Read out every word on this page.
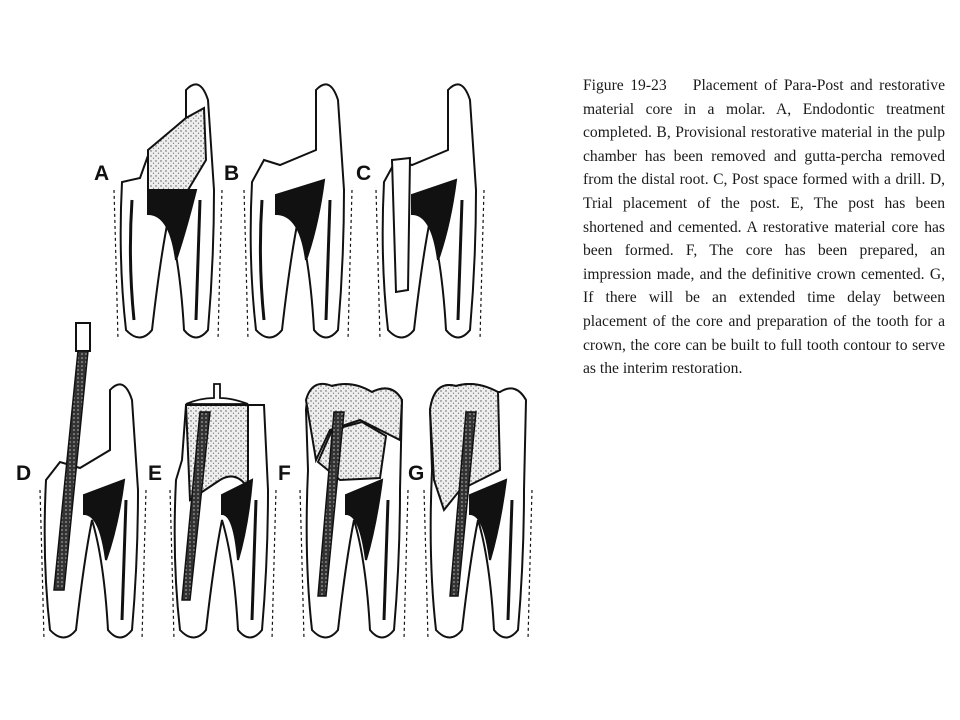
A	B	C
D	E	F	G

Figure 19-23 Placement of Para-Post and restorative material core in a molar. A, Endodontic treatment completed. B, Provisional restorative material in the pulp chamber has been removed and gutta-percha removed from the distal root. C, Post space formed with a drill. D, Trial placement of the post. E, The post has been shortened and cemented. A restorative material core has been formed. F, The core has been prepared, an impression made, and the definitive crown cemented. G, If there will be an extended time delay between placement of the core and preparation of the tooth for a crown, the core can be built to full tooth contour to serve as the interim restoration.
